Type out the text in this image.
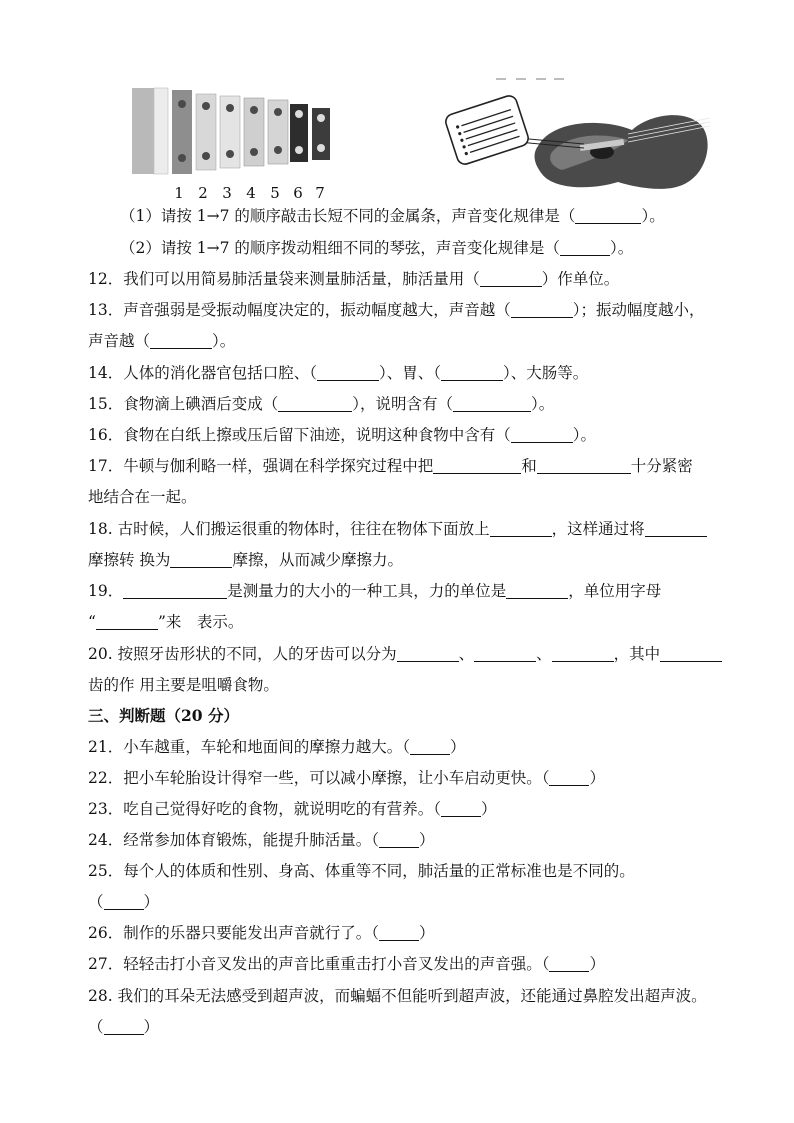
1 2 3 4 5 6 7
（1）请按 1→7 的顺序敲击长短不同的金属条，声音变化规律是（	）。
（2）请按 1→7 的顺序拨动粗细不同的琴弦，声音变化规律是（	）。
12．我们可以用简易肺活量袋来测量肺活量，肺活量用（	）作单位。
13．声音强弱是受振动幅度决定的，振动幅度越大，声音越（	）；振动幅度越小，
声音越（	）。
14．人体的消化器官包括口腔、（	）、胃、（	）、大肠等。
15．食物滴上碘酒后变成（	），说明含有（	）。
16．食物在白纸上擦或压后留下油迹，说明这种食物中含有（	）。
17．牛顿与伽利略一样，强调在科学探究过程中把	和	十分紧密
地结合在一起。
18. 古时候，人们搬运很重的物体时，往往在物体下面放上	，这样通过将
摩擦转 换为	摩擦，从而减少摩擦力。
19．	是测量力的大小的一种工具，力的单位是	，单位用字母
“	”来　表示。
20. 按照牙齿形状的不同，人的牙齿可以分为	、	、	，其中
齿的作 用主要是咀嚼食物。
三、判断题（20 分）
21．小车越重，车轮和地面间的摩擦力越大。（	）
22．把小车轮胎设计得窄一些，可以减小摩擦，让小车启动更快。（	）
23．吃自己觉得好吃的食物，就说明吃的有营养。（	）
24．经常参加体育锻炼，能提升肺活量。（	）
25．每个人的体质和性别、身高、体重等不同，肺活量的正常标准也是不同的。
（	）
26．制作的乐器只要能发出声音就行了。（	）
27．轻轻击打小音叉发出的声音比重重击打小音叉发出的声音强。（	）
28. 我们的耳朵无法感受到超声波，而蝙蝠不但能听到超声波，还能通过鼻腔发出超声波。
（	）
